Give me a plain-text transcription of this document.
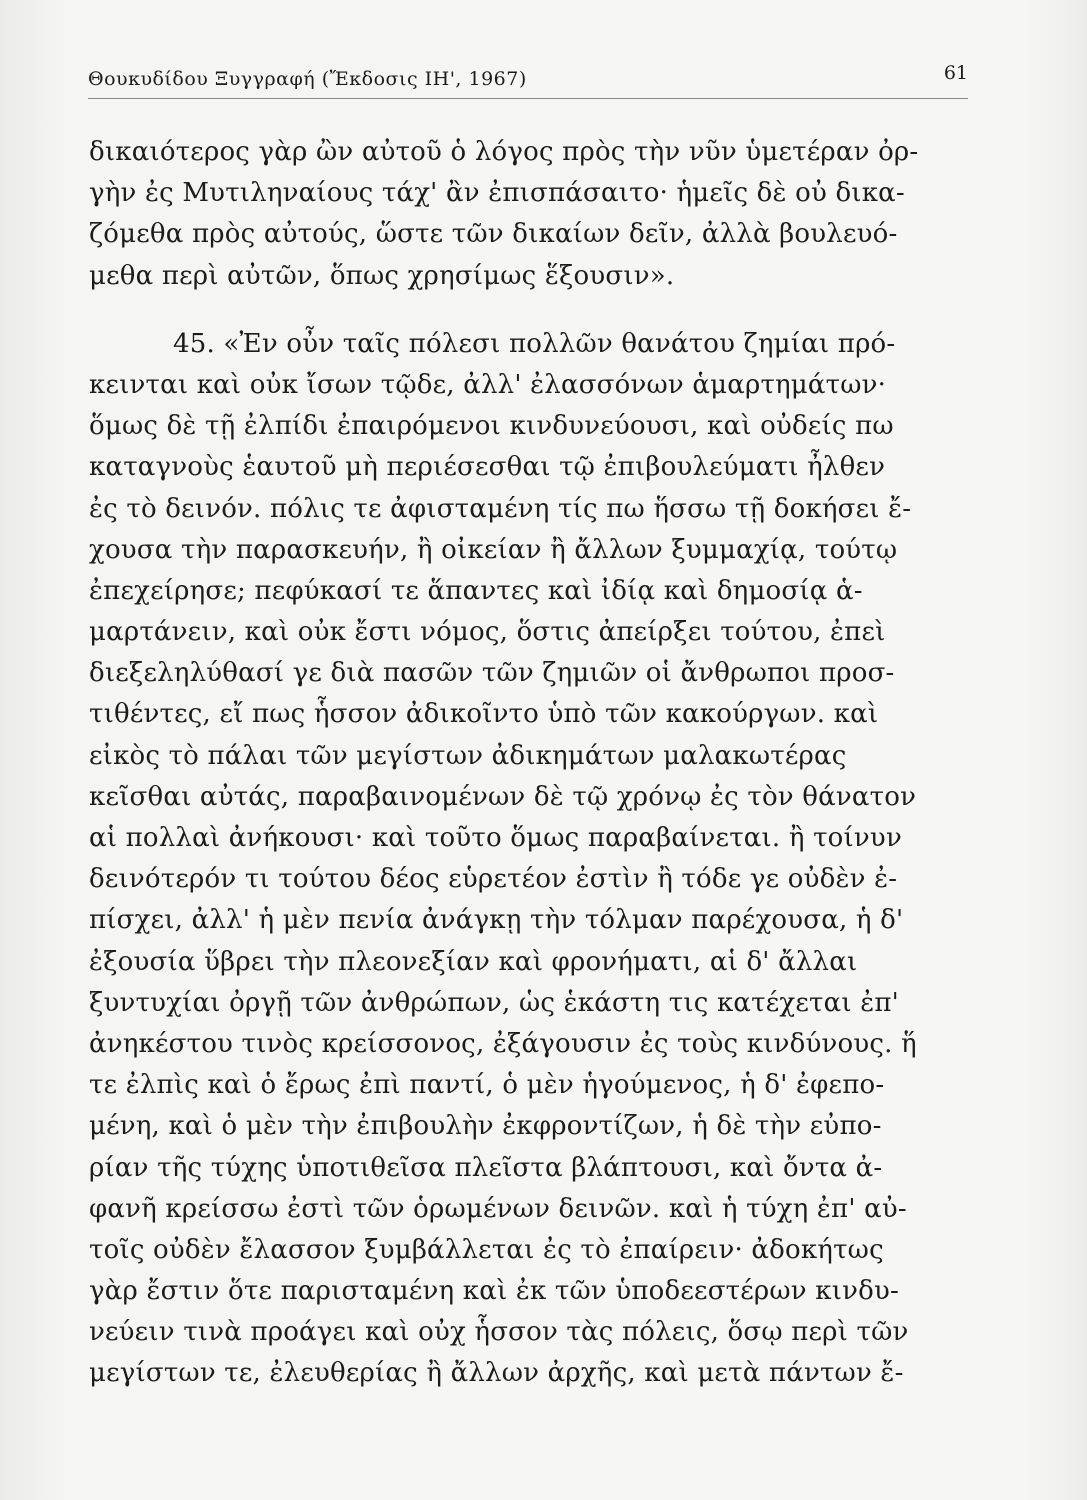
Θουκυδίδου Ξυγγραφή (Ἔκδοσις ΙΗ', 1967)	61
δικαιότερος γὰρ ὢν αὐτοῦ ὁ λόγος πρὸς τὴν νῦν ὑμετέραν ὀρ-
γὴν ἐς Μυτιληναίους τάχ' ἂν ἐπισπάσαιτο· ἡμεῖς δὲ οὐ δικα-
ζόμεθα πρὸς αὐτούς, ὥστε τῶν δικαίων δεῖν, ἀλλὰ βουλευό-
μεθα περὶ αὐτῶν, ὅπως χρησίμως ἕξουσιν».
45. «Ἐν οὖν ταῖς πόλεσι πολλῶν θανάτου ζημίαι πρό-
κεινται καὶ οὐκ ἴσων τῷδε, ἀλλ' ἐλασσόνων ἁμαρτημάτων·
ὅμως δὲ τῇ ἐλπίδι ἐπαιρόμενοι κινδυνεύουσι, καὶ οὐδείς πω
καταγνοὺς ἑαυτοῦ μὴ περιέσεσθαι τῷ ἐπιβουλεύματι ἦλθεν
ἐς τὸ δεινόν. πόλις τε ἀφισταμένη τίς πω ἥσσω τῇ δοκήσει ἔ-
χουσα τὴν παρασκευήν, ἢ οἰκείαν ἢ ἄλλων ξυμμαχίᾳ, τούτῳ
ἐπεχείρησε; πεφύκασί τε ἅπαντες καὶ ἰδίᾳ καὶ δημοσίᾳ ἁ-
μαρτάνειν, καὶ οὐκ ἔστι νόμος, ὅστις ἀπείρξει τούτου, ἐπεὶ
διεξεληλύθασί γε διὰ πασῶν τῶν ζημιῶν οἱ ἄνθρωποι προσ-
τιθέντες, εἴ πως ἧσσον ἀδικοῖντο ὑπὸ τῶν κακούργων. καὶ
εἰκὸς τὸ πάλαι τῶν μεγίστων ἀδικημάτων μαλακωτέρας
κεῖσθαι αὐτάς, παραβαινομένων δὲ τῷ χρόνῳ ἐς τὸν θάνατον
αἱ πολλαὶ ἀνήκουσι· καὶ τοῦτο ὅμως παραβαίνεται. ἢ τοίνυν
δεινότερόν τι τούτου δέος εὑρετέον ἐστὶν ἢ τόδε γε οὐδὲν ἐ-
πίσχει, ἀλλ' ἡ μὲν πενία ἀνάγκῃ τὴν τόλμαν παρέχουσα, ἡ δ'
ἐξουσία ὕβρει τὴν πλεονεξίαν καὶ φρονήματι, αἱ δ' ἄλλαι
ξυντυχίαι ὀργῇ τῶν ἀνθρώπων, ὡς ἑκάστη τις κατέχεται ἐπ'
ἀνηκέστου τινὸς κρείσσονος, ἐξάγουσιν ἐς τοὺς κινδύνους. ἥ
τε ἐλπὶς καὶ ὁ ἔρως ἐπὶ παντί, ὁ μὲν ἡγούμενος, ἡ δ' ἐφεπο-
μένη, καὶ ὁ μὲν τὴν ἐπιβουλὴν ἐκφροντίζων, ἡ δὲ τὴν εὐπο-
ρίαν τῆς τύχης ὑποτιθεῖσα πλεῖστα βλάπτουσι, καὶ ὄντα ἀ-
φανῆ κρείσσω ἐστὶ τῶν ὁρωμένων δεινῶν. καὶ ἡ τύχη ἐπ' αὐ-
τοῖς οὐδὲν ἔλασσον ξυμβάλλεται ἐς τὸ ἐπαίρειν· ἀδοκήτως
γὰρ ἔστιν ὅτε παρισταμένη καὶ ἐκ τῶν ὑποδεεστέρων κινδυ-
νεύειν τινὰ προάγει καὶ οὐχ ἧσσον τὰς πόλεις, ὅσῳ περὶ τῶν
μεγίστων τε, ἐλευθερίας ἢ ἄλλων ἀρχῆς, καὶ μετὰ πάντων ἔ-
